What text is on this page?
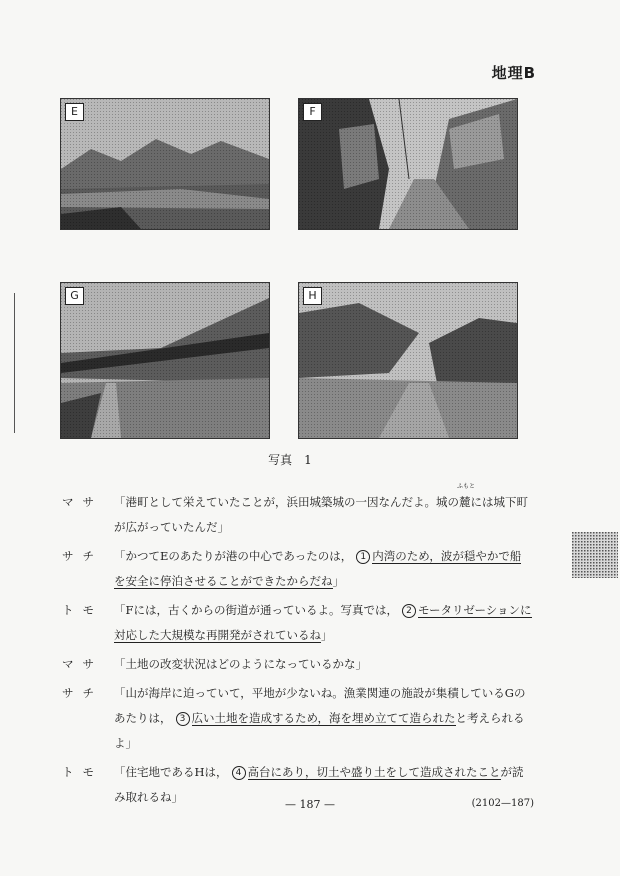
地理B
E	F
G	H
写真　1
マサ 「港町として栄えていたことが，浜田城築城の一因なんだよ。城の麓
ふもと
には城下町が広がっていたんだ」
サチ 「かつてEのあたりが港の中心であったのは， 1 内湾のため，波が穏やかで船を安全に停泊させることができたからだね」
トモ 「Fには，古くからの街道が通っているよ。写真では， 2 モータリゼーションに対応した大規模な再開発がされているね」
マサ 「土地の改変状況はどのようになっているかな」
サチ 「山が海岸に迫っていて，平地が少ないね。漁業関連の施設が集積しているGのあたりは， 3 広い土地を造成するため，海を埋め立てて造られたと考えられるよ」
トモ 「住宅地であるHは， 4 高台にあり，切土や盛り土をして造成されたことが読み取れるね」
— 187 —	(2102—187)
